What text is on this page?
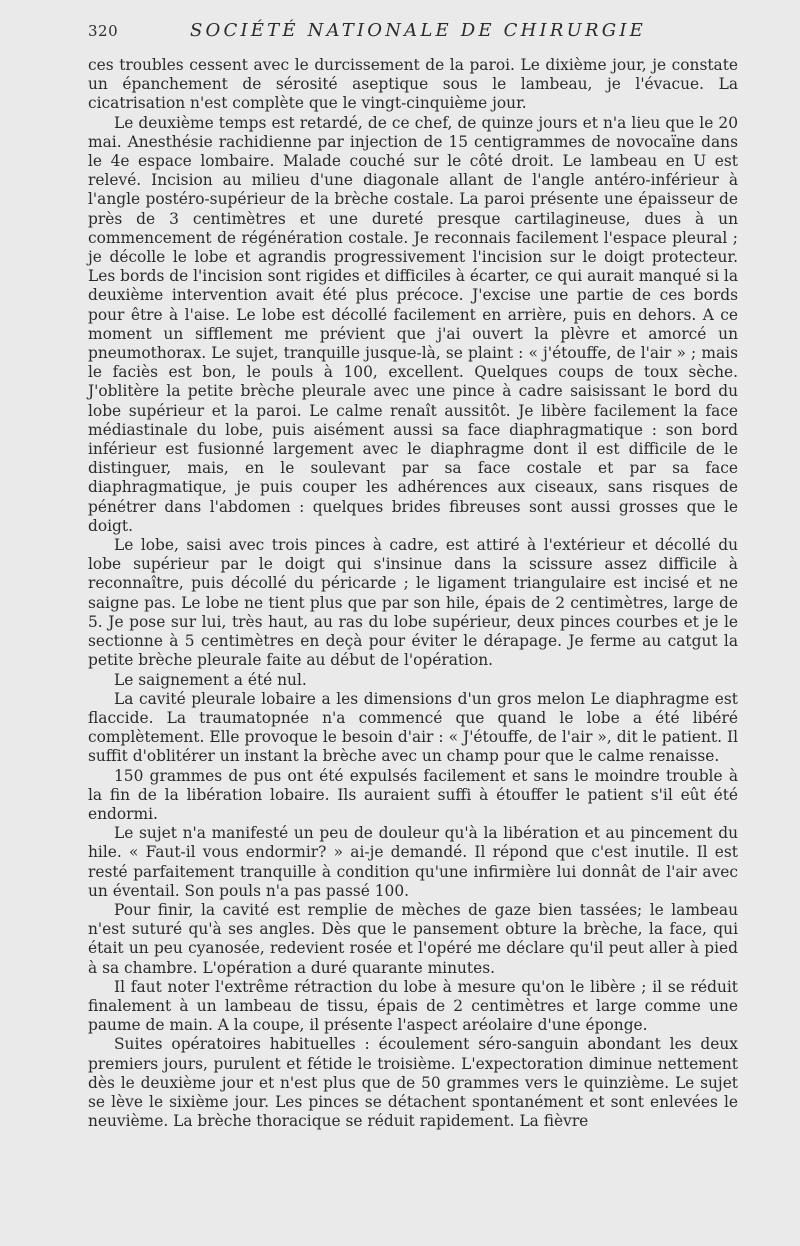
320	SOCIÉTÉ NATIONALE DE CHIRURGIE

ces troubles cessent avec le durcissement de la paroi. Le dixième jour, je constate un épanchement de sérosité aseptique sous le lambeau, je l'évacue. La cicatrisation n'est complète que le vingt-cinquième jour.

Le deuxième temps est retardé, de ce chef, de quinze jours et n'a lieu que le 20 mai. Anesthésie rachidienne par injection de 15 centigrammes de novocaïne dans le 4e espace lombaire. Malade couché sur le côté droit. Le lambeau en U est relevé. Incision au milieu d'une diagonale allant de l'angle antéro-inférieur à l'angle postéro-supérieur de la brèche costale. La paroi présente une épaisseur de près de 3 centimètres et une dureté presque cartilagineuse, dues à un commencement de régénération costale. Je reconnais facilement l'espace pleural ; je décolle le lobe et agrandis progressivement l'incision sur le doigt protecteur. Les bords de l'incision sont rigides et difficiles à écarter, ce qui aurait manqué si la deuxième intervention avait été plus précoce. J'excise une partie de ces bords pour être à l'aise. Le lobe est décollé facilement en arrière, puis en dehors. A ce moment un sifflement me prévient que j'ai ouvert la plèvre et amorcé un pneumothorax. Le sujet, tranquille jusque-là, se plaint : « j'étouffe, de l'air » ; mais le faciès est bon, le pouls à 100, excellent. Quelques coups de toux sèche. J'oblitère la petite brèche pleurale avec une pince à cadre saisissant le bord du lobe supérieur et la paroi. Le calme renaît aussitôt. Je libère facilement la face médiastinale du lobe, puis aisément aussi sa face diaphragmatique : son bord inférieur est fusionné largement avec le diaphragme dont il est difficile de le distinguer, mais, en le soulevant par sa face costale et par sa face diaphragmatique, je puis couper les adhérences aux ciseaux, sans risques de pénétrer dans l'abdomen : quelques brides fibreuses sont aussi grosses que le doigt.

Le lobe, saisi avec trois pinces à cadre, est attiré à l'extérieur et décollé du lobe supérieur par le doigt qui s'insinue dans la scissure assez difficile à reconnaître, puis décollé du péricarde ; le ligament triangulaire est incisé et ne saigne pas. Le lobe ne tient plus que par son hile, épais de 2 centimètres, large de 5. Je pose sur lui, très haut, au ras du lobe supérieur, deux pinces courbes et je le sectionne à 5 centimètres en deçà pour éviter le dérapage. Je ferme au catgut la petite brèche pleurale faite au début de l'opération.

Le saignement a été nul.

La cavité pleurale lobaire a les dimensions d'un gros melon Le diaphragme est flaccide. La traumatopnée n'a commencé que quand le lobe a été libéré complètement. Elle provoque le besoin d'air : « J'étouffe, de l'air », dit le patient. Il suffit d'oblitérer un instant la brèche avec un champ pour que le calme renaisse.

150 grammes de pus ont été expulsés facilement et sans le moindre trouble à la fin de la libération lobaire. Ils auraient suffi à étouffer le patient s'il eût été endormi.

Le sujet n'a manifesté un peu de douleur qu'à la libération et au pincement du hile. « Faut-il vous endormir? » ai-je demandé. Il répond que c'est inutile. Il est resté parfaitement tranquille à condition qu'une infirmière lui donnât de l'air avec un éventail. Son pouls n'a pas passé 100.

Pour finir, la cavité est remplie de mèches de gaze bien tassées; le lambeau n'est suturé qu'à ses angles. Dès que le pansement obture la brèche, la face, qui était un peu cyanosée, redevient rosée et l'opéré me déclare qu'il peut aller à pied à sa chambre. L'opération a duré quarante minutes.

Il faut noter l'extrême rétraction du lobe à mesure qu'on le libère ; il se réduit finalement à un lambeau de tissu, épais de 2 centimètres et large comme une paume de main. A la coupe, il présente l'aspect aréolaire d'une éponge.

Suites opératoires habituelles : écoulement séro-sanguin abondant les deux premiers jours, purulent et fétide le troisième. L'expectoration diminue nettement dès le deuxième jour et n'est plus que de 50 grammes vers le quinzième. Le sujet se lève le sixième jour. Les pinces se détachent spontanément et sont enlevées le neuvième. La brèche thoracique se réduit rapidement. La fièvre
